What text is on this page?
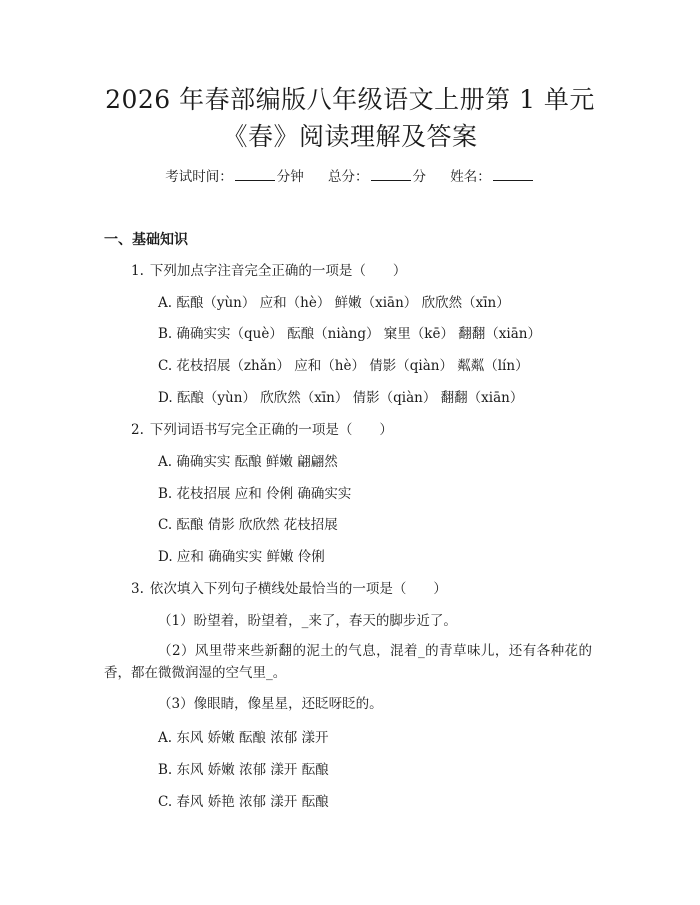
2026 年春部编版八年级语文上册第 1 单元
《春》阅读理解及答案
考试时间：	分钟 总分：	分 姓名：
一、基础知识
1. 下列加点字注音完全正确的一项是（　　）
A. 酝酿（yùn） 应和（hè） 鲜嫩（xiān） 欣欣然（xīn）
B. 确确实实（què） 酝酿（niàng） 窠里（kē） 翻翻（xiān）
C. 花枝招展（zhǎn） 应和（hè） 倩影（qiàn） 粼粼（lín）
D. 酝酿（yùn） 欣欣然（xīn） 倩影（qiàn） 翻翻（xiān）
2. 下列词语书写完全正确的一项是（　　）
A. 确确实实 酝酿 鲜嫩 翩翩然
B. 花枝招展 应和 伶俐 确确实实
C. 酝酿 倩影 欣欣然 花枝招展
D. 应和 确确实实 鲜嫩 伶俐
3. 依次填入下列句子横线处最恰当的一项是（　　）
（1）盼望着，盼望着，_来了，春天的脚步近了。
（2）风里带来些新翻的泥土的气息，混着_的青草味儿，还有各种花的香，都在微微润湿的空气里_。
（3）像眼睛，像星星，还眨呀眨的。
A. 东风 娇嫩 酝酿 浓郁 漾开
B. 东风 娇嫩 浓郁 漾开 酝酿
C. 春风 娇艳 浓郁 漾开 酝酿
